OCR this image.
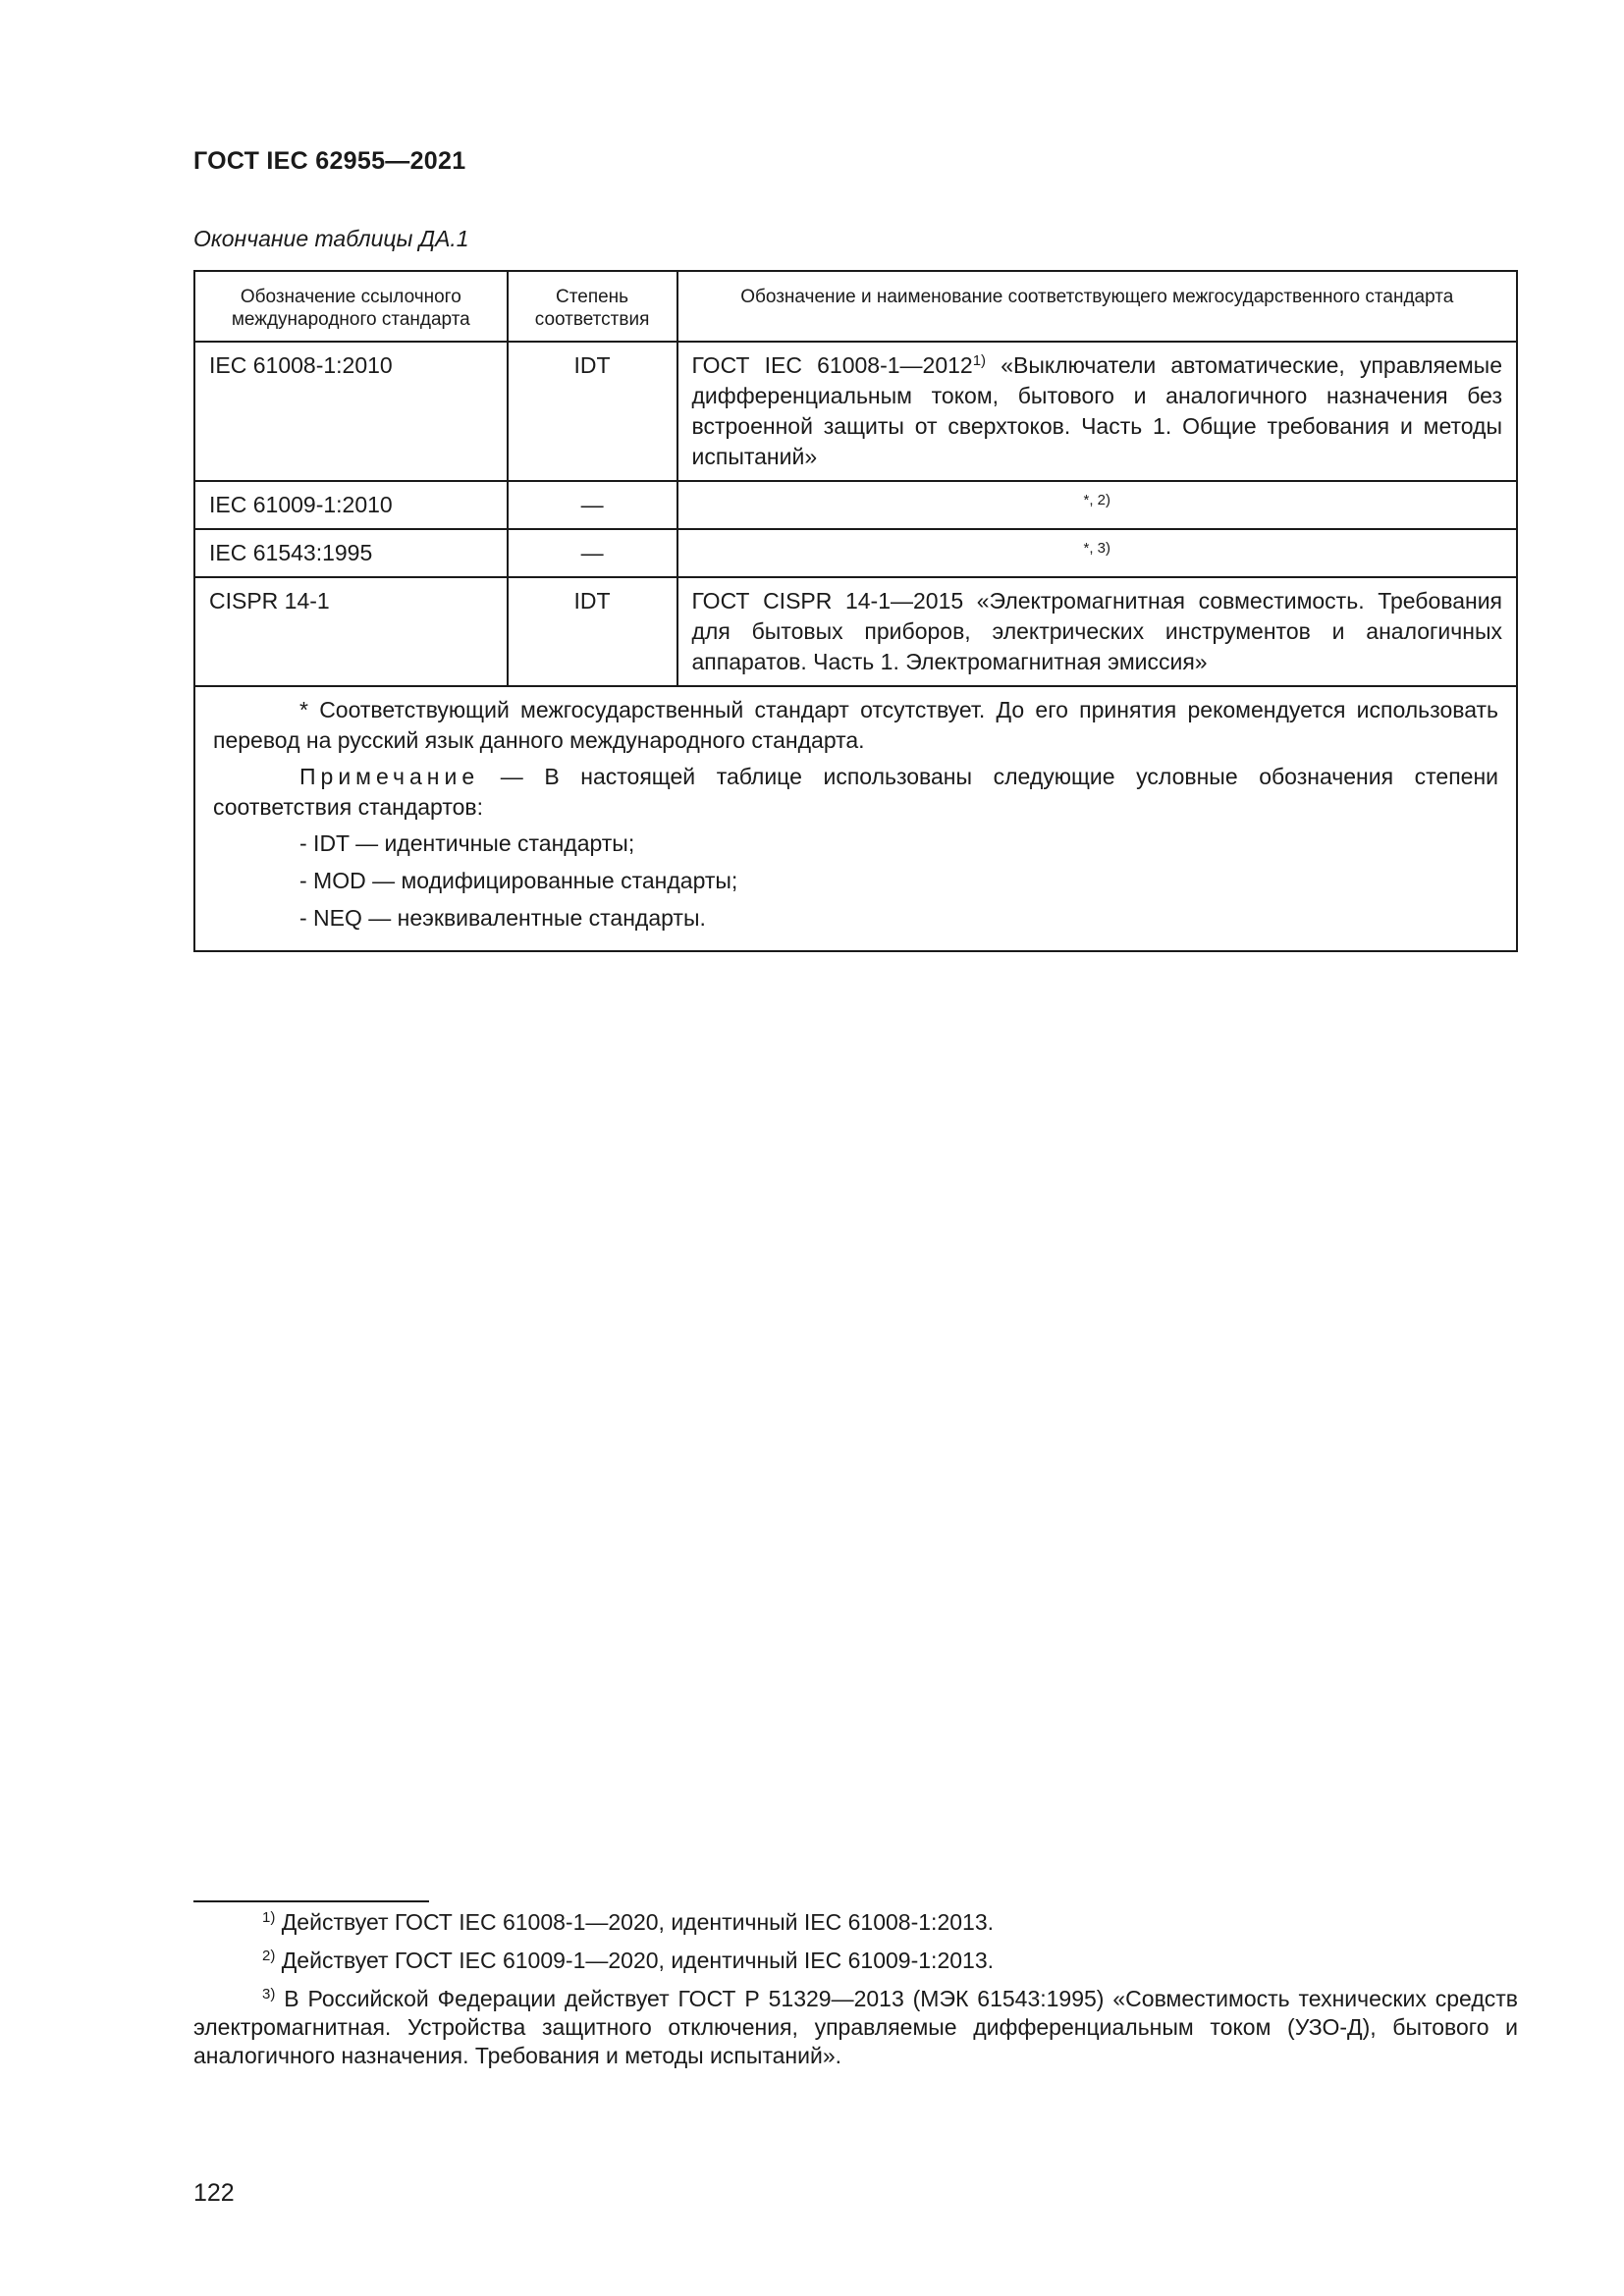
ГОСТ IEC 62955—2021
Окончание таблицы ДА.1
Обозначение ссылочного международного стандарта	Степень соответствия	Обозначение и наименование соответствующего межгосударственного стандарта
IEC 61008-1:2010	IDT	ГОСТ IEC 61008-1—2012$^{1)}$ «Выключатели автоматические, управляемые дифференциальным током, бытового и аналогичного назначения без встроенной защиты от сверхтоков. Часть 1. Общие требования и методы испытаний»
IEC 61009-1:2010	—	$^{*, 2)}$
IEC 61543:1995	—	$^{*, 3)}$
CISPR 14-1	IDT	ГОСТ CISPR 14-1—2015 «Электромагнитная совместимость. Требования для бытовых приборов, электрических инструментов и аналогичных аппаратов. Часть 1. Электромагнитная эмиссия»

* Соответствующий межгосударственный стандарт отсутствует. До его принятия рекомендуется использовать перевод на русский язык данного международного стандарта.

Примечание — В настоящей таблице использованы следующие условные обозначения степени соответствия стандартов:

- IDT — идентичные стандарты;
- MOD — модифицированные стандарты;
- NEQ — неэквивалентные стандарты.		

$^{1)}$ Действует ГОСТ IEC 61008-1—2020, идентичный IEC 61008-1:2013.

$^{2)}$ Действует ГОСТ IEC 61009-1—2020, идентичный IEC 61009-1:2013.

$^{3)}$ В Российской Федерации действует ГОСТ Р 51329—2013 (МЭК 61543:1995) «Совместимость технических средств электромагнитная. Устройства защитного отключения, управляемые дифференциальным током (УЗО-Д), бытового и аналогичного назначения. Требования и методы испытаний».

122
